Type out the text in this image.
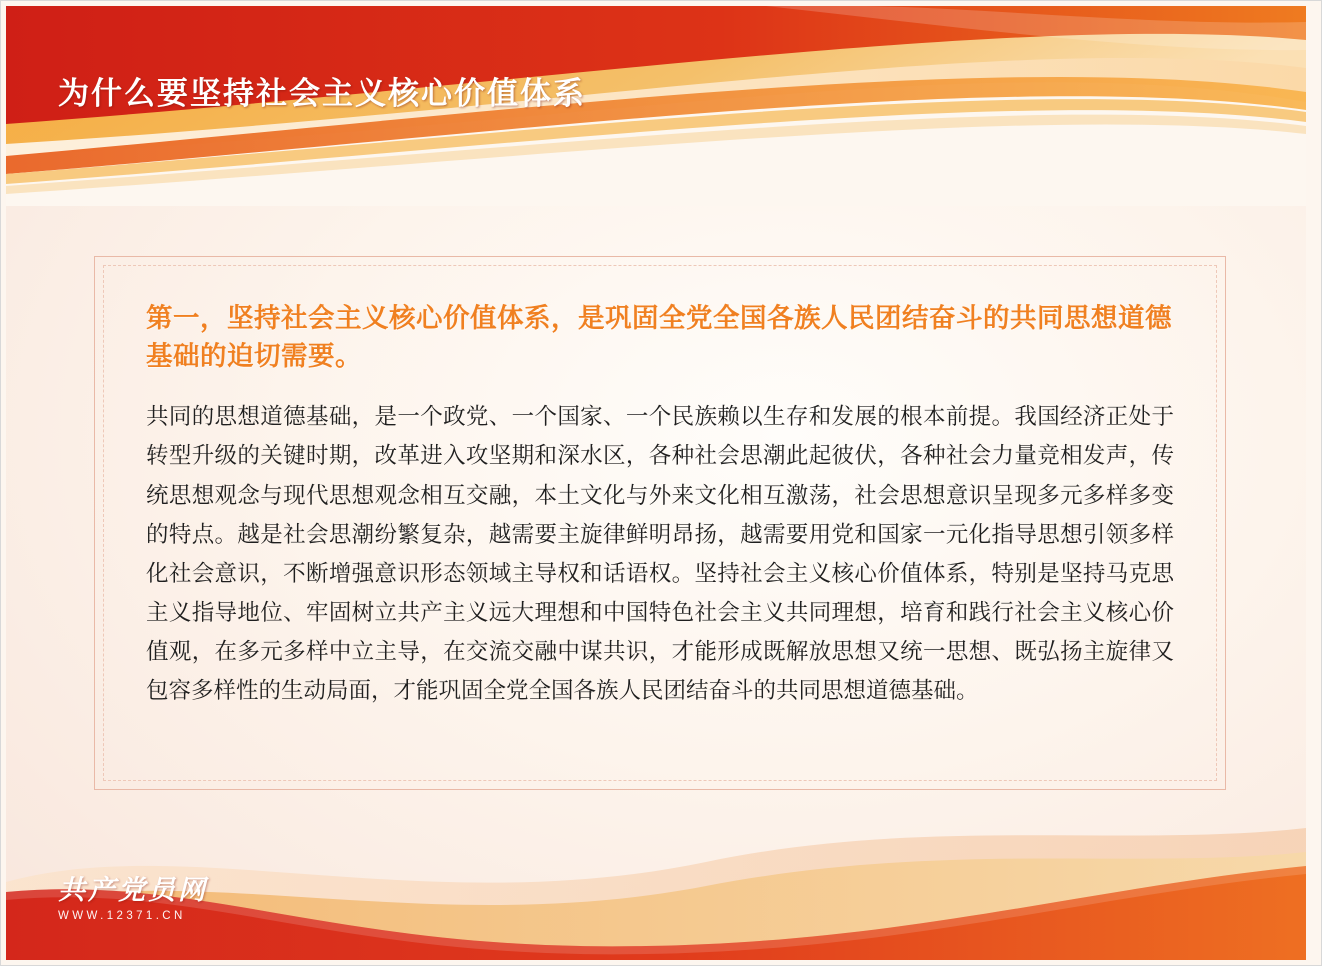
为什么要坚持社会主义核心价值体系

第一，坚持社会主义核心价值体系，是巩固全党全国各族人民团结奋斗的共同思想道德基础的迫切需要。

共同的思想道德基础，是一个政党、一个国家、一个民族赖以生存和发展的根本前提。我国经济正处于转型升级的关键时期，改革进入攻坚期和深水区，各种社会思潮此起彼伏，各种社会力量竞相发声，传统思想观念与现代思想观念相互交融，本土文化与外来文化相互激荡，社会思想意识呈现多元多样多变的特点。越是社会思潮纷繁复杂，越需要主旋律鲜明昂扬，越需要用党和国家一元化指导思想引领多样化社会意识，不断增强意识形态领域主导权和话语权。坚持社会主义核心价值体系，特别是坚持马克思主义指导地位、牢固树立共产主义远大理想和中国特色社会主义共同理想，培育和践行社会主义核心价值观，在多元多样中立主导，在交流交融中谋共识，才能形成既解放思想又统一思想、既弘扬主旋律又包容多样性的生动局面，才能巩固全党全国各族人民团结奋斗的共同思想道德基础。

共产党员网
WWW.12371.CN
